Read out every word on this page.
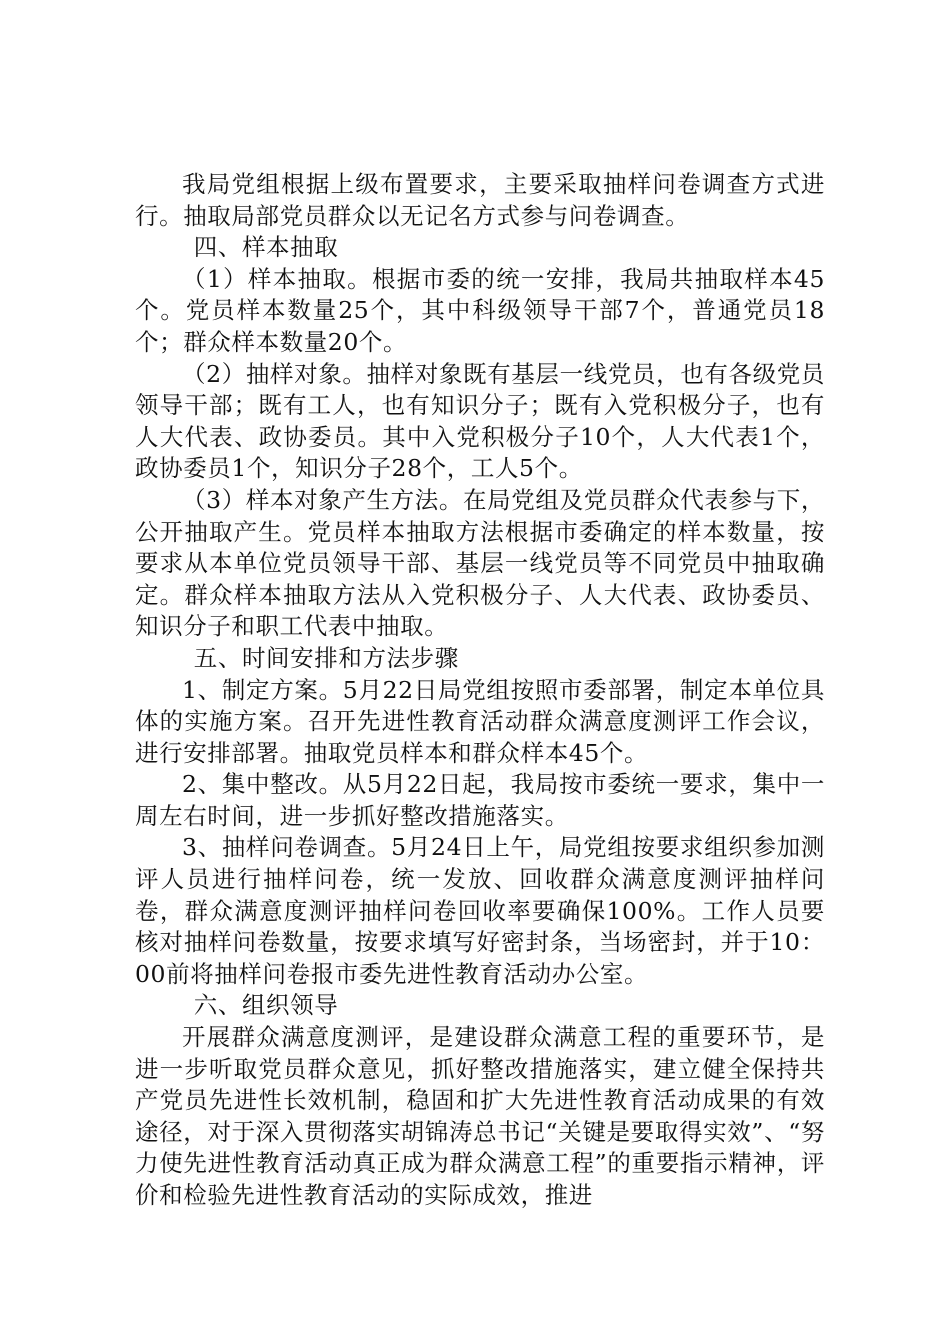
我局党组根据上级布置要求，主要采取抽样问卷调查方式进行。抽取局部党员群众以无记名方式参与问卷调查。

四、样本抽取

（1）样本抽取。根据市委的统一安排，我局共抽取样本45个。党员样本数量25个，其中科级领导干部7个，普通党员18个；群众样本数量20个。

（2）抽样对象。抽样对象既有基层一线党员，也有各级党员领导干部；既有工人，也有知识分子；既有入党积极分子，也有人大代表、政协委员。其中入党积极分子10个，人大代表1个，政协委员1个，知识分子28个，工人5个。

（3）样本对象产生方法。在局党组及党员群众代表参与下，公开抽取产生。党员样本抽取方法根据市委确定的样本数量，按要求从本单位党员领导干部、基层一线党员等不同党员中抽取确定。群众样本抽取方法从入党积极分子、人大代表、政协委员、知识分子和职工代表中抽取。

五、时间安排和方法步骤

1、制定方案。5月22日局党组按照市委部署，制定本单位具体的实施方案。召开先进性教育活动群众满意度测评工作会议，进行安排部署。抽取党员样本和群众样本45个。

2、集中整改。从5月22日起，我局按市委统一要求，集中一周左右时间，进一步抓好整改措施落实。

3、抽样问卷调查。5月24日上午，局党组按要求组织参加测评人员进行抽样问卷，统一发放、回收群众满意度测评抽样问卷，群众满意度测评抽样问卷回收率要确保100%。工作人员要核对抽样问卷数量，按要求填写好密封条，当场密封，并于10：00前将抽样问卷报市委先进性教育活动办公室。

六、组织领导

开展群众满意度测评，是建设群众满意工程的重要环节，是进一步听取党员群众意见，抓好整改措施落实，建立健全保持共产党员先进性长效机制，稳固和扩大先进性教育活动成果的有效途径，对于深入贯彻落实胡锦涛总书记“关键是要取得实效”、“努力使先进性教育活动真正成为群众满意工程”的重要指示精神，评价和检验先进性教育活动的实际成效，推进
